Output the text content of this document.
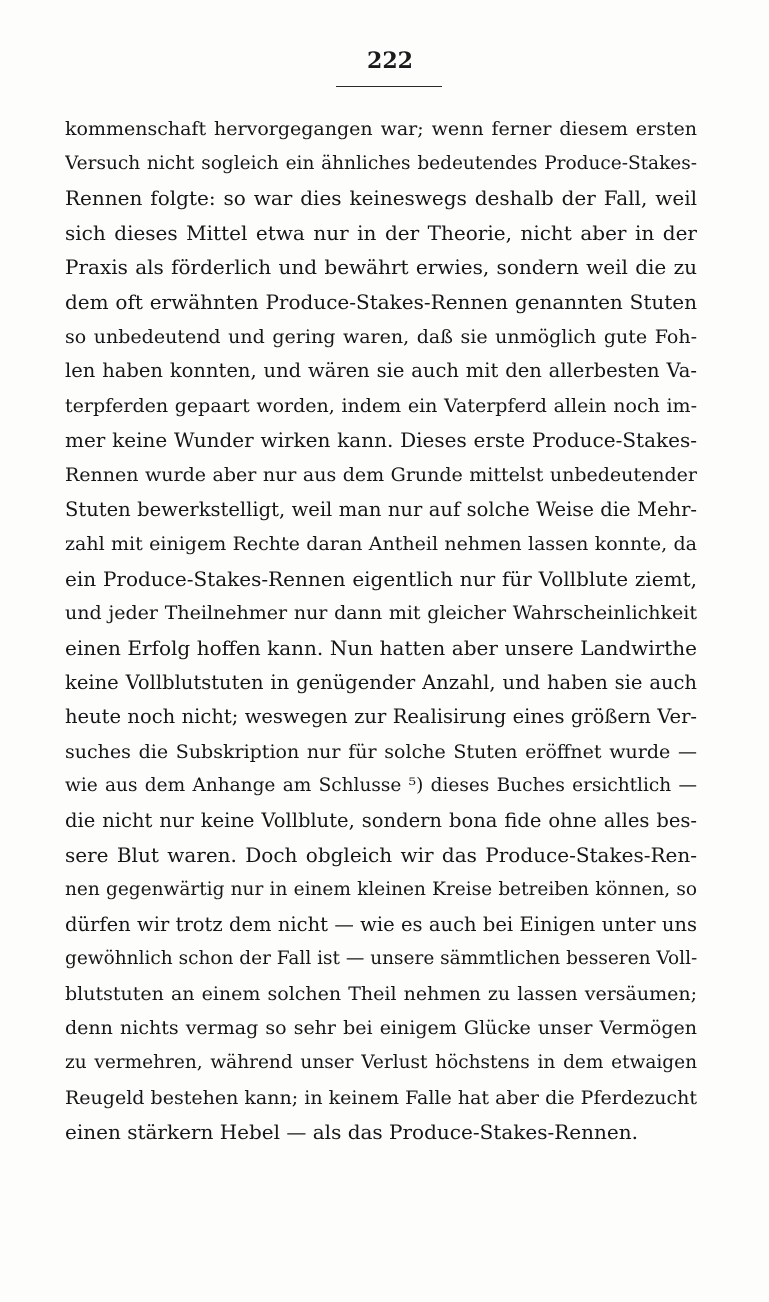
222
kommenschaft hervorgegangen war; wenn ferner diesem ersten
Versuch nicht sogleich ein ähnliches bedeutendes Produce-Stakes-
Rennen folgte: so war dies keineswegs deshalb der Fall, weil
sich dieses Mittel etwa nur in der Theorie, nicht aber in der
Praxis als förderlich und bewährt erwies, sondern weil die zu
dem oft erwähnten Produce-Stakes-Rennen genannten Stuten
so unbedeutend und gering waren, daß sie unmöglich gute Foh-
len haben konnten, und wären sie auch mit den allerbesten Va-
terpferden gepaart worden, indem ein Vaterpferd allein noch im-
mer keine Wunder wirken kann. Dieses erste Produce-Stakes-
Rennen wurde aber nur aus dem Grunde mittelst unbedeutender
Stuten bewerkstelligt, weil man nur auf solche Weise die Mehr-
zahl mit einigem Rechte daran Antheil nehmen lassen konnte, da
ein Produce-Stakes-Rennen eigentlich nur für Vollblute ziemt,
und jeder Theilnehmer nur dann mit gleicher Wahrscheinlichkeit
einen Erfolg hoffen kann. Nun hatten aber unsere Landwirthe
keine Vollblutstuten in genügender Anzahl, und haben sie auch
heute noch nicht; weswegen zur Realisirung eines größern Ver-
suches die Subskription nur für solche Stuten eröffnet wurde —
wie aus dem Anhange am Schlusse ⁵) dieses Buches ersichtlich —
die nicht nur keine Vollblute, sondern bona fide ohne alles bes-
sere Blut waren. Doch obgleich wir das Produce-Stakes-Ren-
nen gegenwärtig nur in einem kleinen Kreise betreiben können, so
dürfen wir trotz dem nicht — wie es auch bei Einigen unter uns
gewöhnlich schon der Fall ist — unsere sämmtlichen besseren Voll-
blutstuten an einem solchen Theil nehmen zu lassen versäumen;
denn nichts vermag so sehr bei einigem Glücke unser Vermögen
zu vermehren, während unser Verlust höchstens in dem etwaigen
Reugeld bestehen kann; in keinem Falle hat aber die Pferdezucht
einen stärkern Hebel — als das Produce-Stakes-Rennen.
